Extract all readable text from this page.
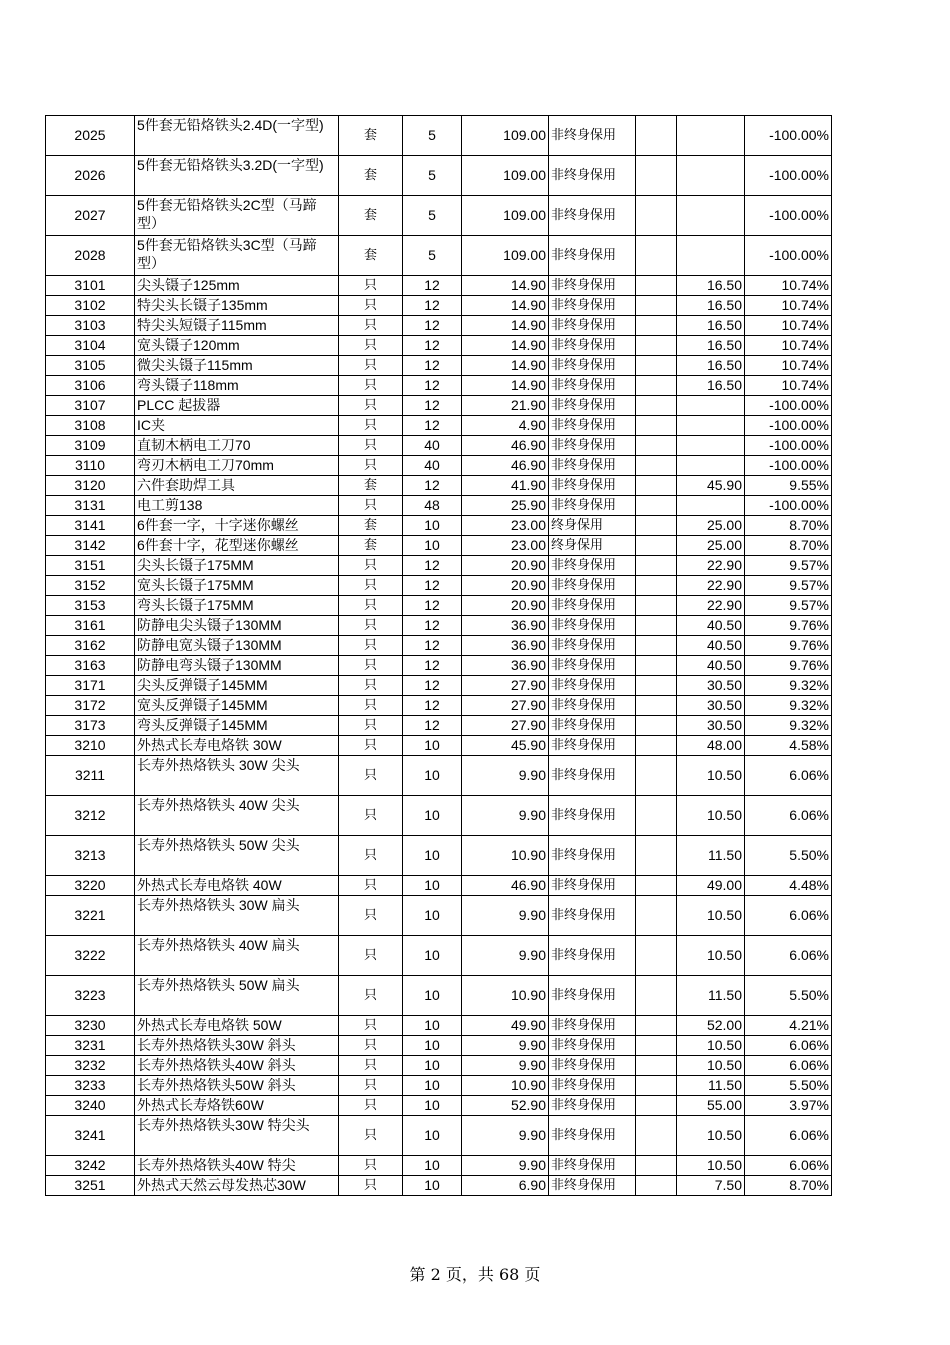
2025	5件套无铅烙铁头2.4D(一字型)	套	5	109.00	非终身保用			-100.00%
2026	5件套无铅烙铁头3.2D(一字型)	套	5	109.00	非终身保用			-100.00%
2027	5件套无铅烙铁头2C型（马蹄型）	套	5	109.00	非终身保用			-100.00%
2028	5件套无铅烙铁头3C型（马蹄型）	套	5	109.00	非终身保用			-100.00%
3101	尖头镊子125mm	只	12	14.90	非终身保用		16.50	10.74%
3102	特尖头长镊子135mm	只	12	14.90	非终身保用		16.50	10.74%
3103	特尖头短镊子115mm	只	12	14.90	非终身保用		16.50	10.74%
3104	宽头镊子120mm	只	12	14.90	非终身保用		16.50	10.74%
3105	微尖头镊子115mm	只	12	14.90	非终身保用		16.50	10.74%
3106	弯头镊子118mm	只	12	14.90	非终身保用		16.50	10.74%
3107	PLCC 起拔器	只	12	21.90	非终身保用			-100.00%
3108	IC夹	只	12	4.90	非终身保用			-100.00%
3109	直韧木柄电工刀70	只	40	46.90	非终身保用			-100.00%
3110	弯刃木柄电工刀70mm	只	40	46.90	非终身保用			-100.00%
3120	六件套助焊工具	套	12	41.90	非终身保用		45.90	9.55%
3131	电工剪138	只	48	25.90	非终身保用			-100.00%
3141	6件套一字，十字迷你螺丝	套	10	23.00	终身保用		25.00	8.70%
3142	6件套十字，花型迷你螺丝	套	10	23.00	终身保用		25.00	8.70%
3151	尖头长镊子175MM	只	12	20.90	非终身保用		22.90	9.57%
3152	宽头长镊子175MM	只	12	20.90	非终身保用		22.90	9.57%
3153	弯头长镊子175MM	只	12	20.90	非终身保用		22.90	9.57%
3161	防静电尖头镊子130MM	只	12	36.90	非终身保用		40.50	9.76%
3162	防静电宽头镊子130MM	只	12	36.90	非终身保用		40.50	9.76%
3163	防静电弯头镊子130MM	只	12	36.90	非终身保用		40.50	9.76%
3171	尖头反弹镊子145MM	只	12	27.90	非终身保用		30.50	9.32%
3172	宽头反弹镊子145MM	只	12	27.90	非终身保用		30.50	9.32%
3173	弯头反弹镊子145MM	只	12	27.90	非终身保用		30.50	9.32%
3210	外热式长寿电烙铁 30W	只	10	45.90	非终身保用		48.00	4.58%
3211	长寿外热烙铁头 30W 尖头	只	10	9.90	非终身保用		10.50	6.06%
3212	长寿外热烙铁头 40W 尖头	只	10	9.90	非终身保用		10.50	6.06%
3213	长寿外热烙铁头 50W 尖头	只	10	10.90	非终身保用		11.50	5.50%
3220	外热式长寿电烙铁 40W	只	10	46.90	非终身保用		49.00	4.48%
3221	长寿外热烙铁头 30W 扁头	只	10	9.90	非终身保用		10.50	6.06%
3222	长寿外热烙铁头 40W 扁头	只	10	9.90	非终身保用		10.50	6.06%
3223	长寿外热烙铁头 50W 扁头	只	10	10.90	非终身保用		11.50	5.50%
3230	外热式长寿电烙铁 50W	只	10	49.90	非终身保用		52.00	4.21%
3231	长寿外热烙铁头30W 斜头	只	10	9.90	非终身保用		10.50	6.06%
3232	长寿外热烙铁头40W 斜头	只	10	9.90	非终身保用		10.50	6.06%
3233	长寿外热烙铁头50W 斜头	只	10	10.90	非终身保用		11.50	5.50%
3240	外热式长寿烙铁60W	只	10	52.90	非终身保用		55.00	3.97%
3241	长寿外热烙铁头30W 特尖头	只	10	9.90	非终身保用		10.50	6.06%
3242	长寿外热烙铁头40W 特尖	只	10	9.90	非终身保用		10.50	6.06%
3251	外热式天然云母发热芯30W	只	10	6.90	非终身保用		7.50	8.70%
第 2 页，共 68 页
